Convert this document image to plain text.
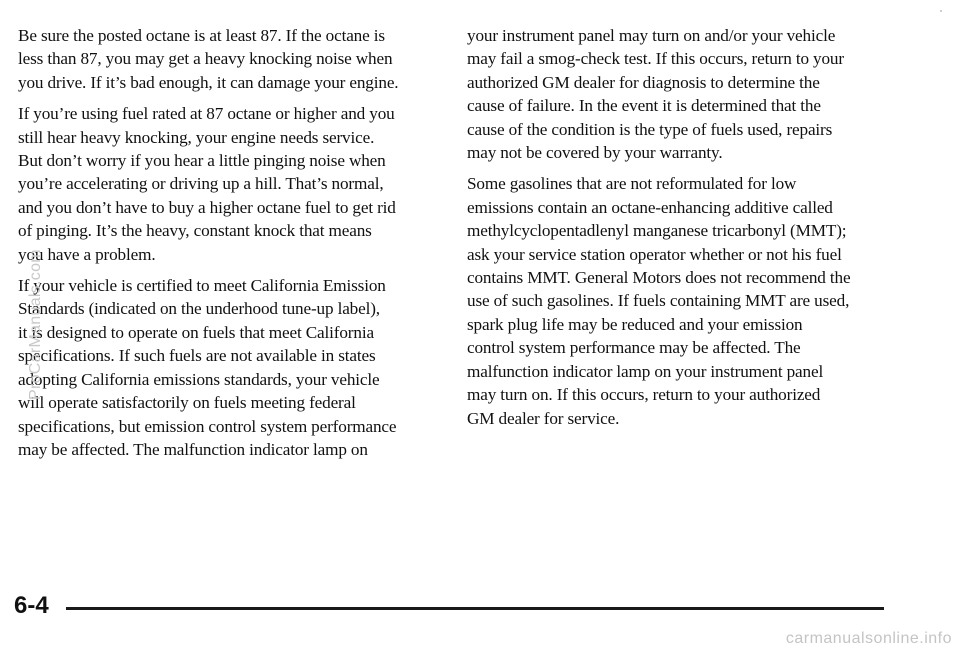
Be sure the posted octane is at least 87. If the octane is
less than 87, you may get a heavy knocking noise when
you drive. If it’s bad enough, it can damage your engine.

If you’re using fuel rated at 87 octane or higher and you
still hear heavy knocking, your engine needs service.
But don’t worry if you hear a little pinging noise when
you’re accelerating or driving up a hill. That’s normal,
and you don’t have to buy a higher octane fuel to get rid
of pinging. It’s the heavy, constant knock that means
you have a problem.

If your vehicle is certified to meet California Emission
Standards (indicated on the underhood tune-up label),
it is designed to operate on fuels that meet California
specifications. If such fuels are not available in states
adopting California emissions standards, your vehicle
will operate satisfactorily on fuels meeting federal
specifications, but emission control system performance
may be affected. The malfunction indicator lamp on

your instrument panel may turn on and/or your vehicle
may fail a smog-check test. If this occurs, return to your
authorized GM dealer for diagnosis to determine the
cause of failure. In the event it is determined that the
cause of the condition is the type of fuels used, repairs
may not be covered by your warranty.

Some gasolines that are not reformulated for low
emissions contain an octane-enhancing additive called
methylcyclopentadlenyl manganese tricarbonyl (MMT);
ask your service station operator whether or not his fuel
contains MMT. General Motors does not recommend the
use of such gasolines. If fuels containing MMT are used,
spark plug life may be reduced and your emission
control system performance may be affected. The
malfunction indicator lamp on your instrument panel
may turn on. If this occurs, return to your authorized
GM dealer for service.

ProCarManuals.com
6-4
carmanualsonline.info
